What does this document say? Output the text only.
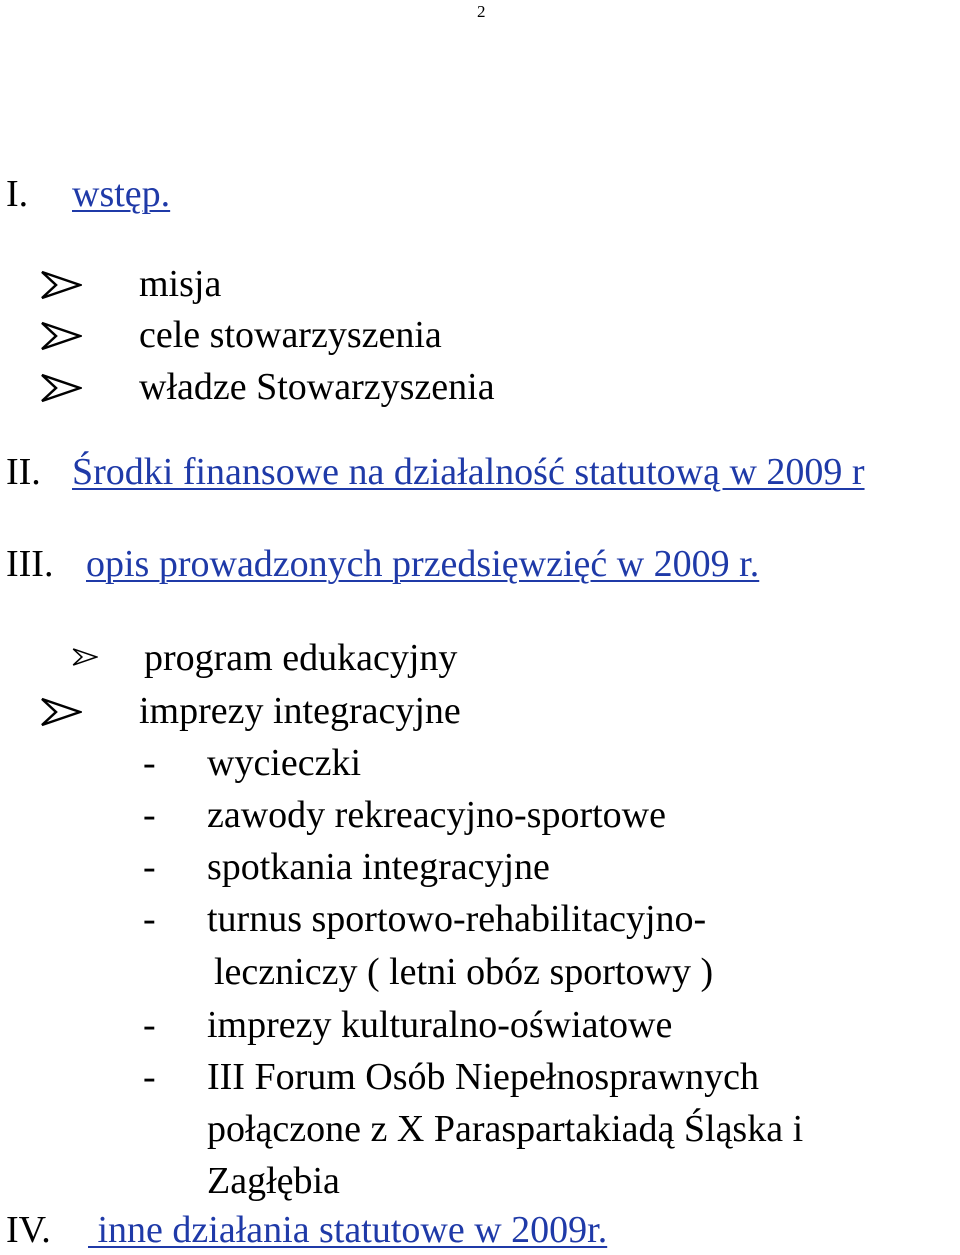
2
I. wstęp.
misja
cele stowarzyszenia
władze Stowarzyszenia
II. Środki finansowe na działalność statutową w 2009 r
III. opis prowadzonych przedsięwzięć w 2009 r.
program edukacyjny
imprezy integracyjne
- wycieczki
- zawody rekreacyjno-sportowe
- spotkania integracyjne
- turnus sportowo-rehabilitacyjno-
leczniczy ( letni obóz sportowy )
- imprezy kulturalno-oświatowe
- III Forum Osób Niepełnosprawnych
połączone z X Paraspartakiadą Śląska i
Zagłębia
IV. inne działania statutowe w 2009r.
